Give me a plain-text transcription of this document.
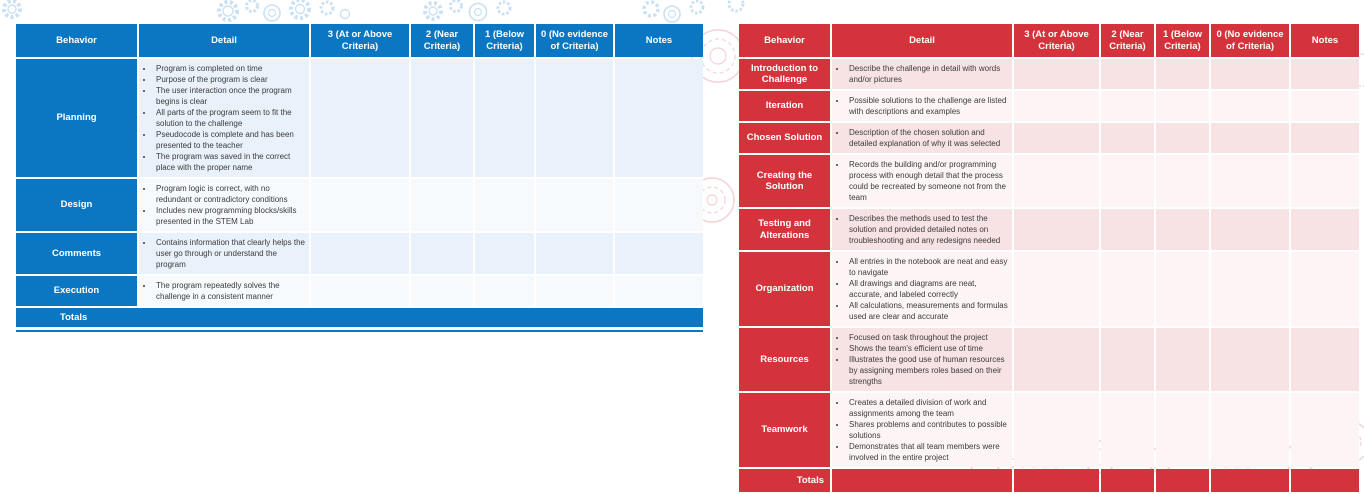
Behavior	Detail	3 (At or Above Criteria)	2 (Near Criteria)	1 (Below Criteria)	0 (No evidence of Criteria)	Notes
Planning	
• Program is completed on time
• Purpose of the program is clear
• The user interaction once the program begins is clear
• All parts of the program seem to fit the solution to the challenge
• Pseudocode is complete and has been presented to the teacher
• The program was saved in the correct place with the proper name

Design	
• Program logic is correct, with no redundant or contradictory conditions
• Includes new programming blocks/skills presented in the STEM Lab

Comments	
• Contains information that clearly helps the user go through or understand the program

Execution	
•The program repeatedly solves the challenge in a consistent manner

Totals						
Behavior	Detail	3 (At or Above Criteria)	2 (Near Criteria)	1 (Below Criteria)	0 (No evidence of Criteria)	Notes
Introduction to Challenge	
• Describe the challenge in detail with words and/or pictures

Iteration	
•Possible solutions to the challenge are listed with descriptions and examples

Chosen Solution	
•Description of the chosen solution and detailed explanation of why it was selected

Creating the Solution	
• Records the building and/or programming process with enough detail that the process could be recreated by someone not from the team

Testing and Alterations	
• Describes the methods used to test the solution and provided detailed notes on troubleshooting and any redesigns needed

Organization	
• All entries in the notebook are neat and easy to navigate
• All drawings and diagrams are neat, accurate, and labeled correctly
• All calculations, measurements and formulas used are clear and accurate

Resources	
• Focused on task throughout the project
• Shows the team's efficient use of time
• Illustrates the good use of human resources by assigning members roles based on their strengths

Teamwork	
• Creates a detailed division of work and assignments among the team
• Shares problems and contributes to possible solutions
• Demonstrates that all team members were involved in the entire project

Totals						
